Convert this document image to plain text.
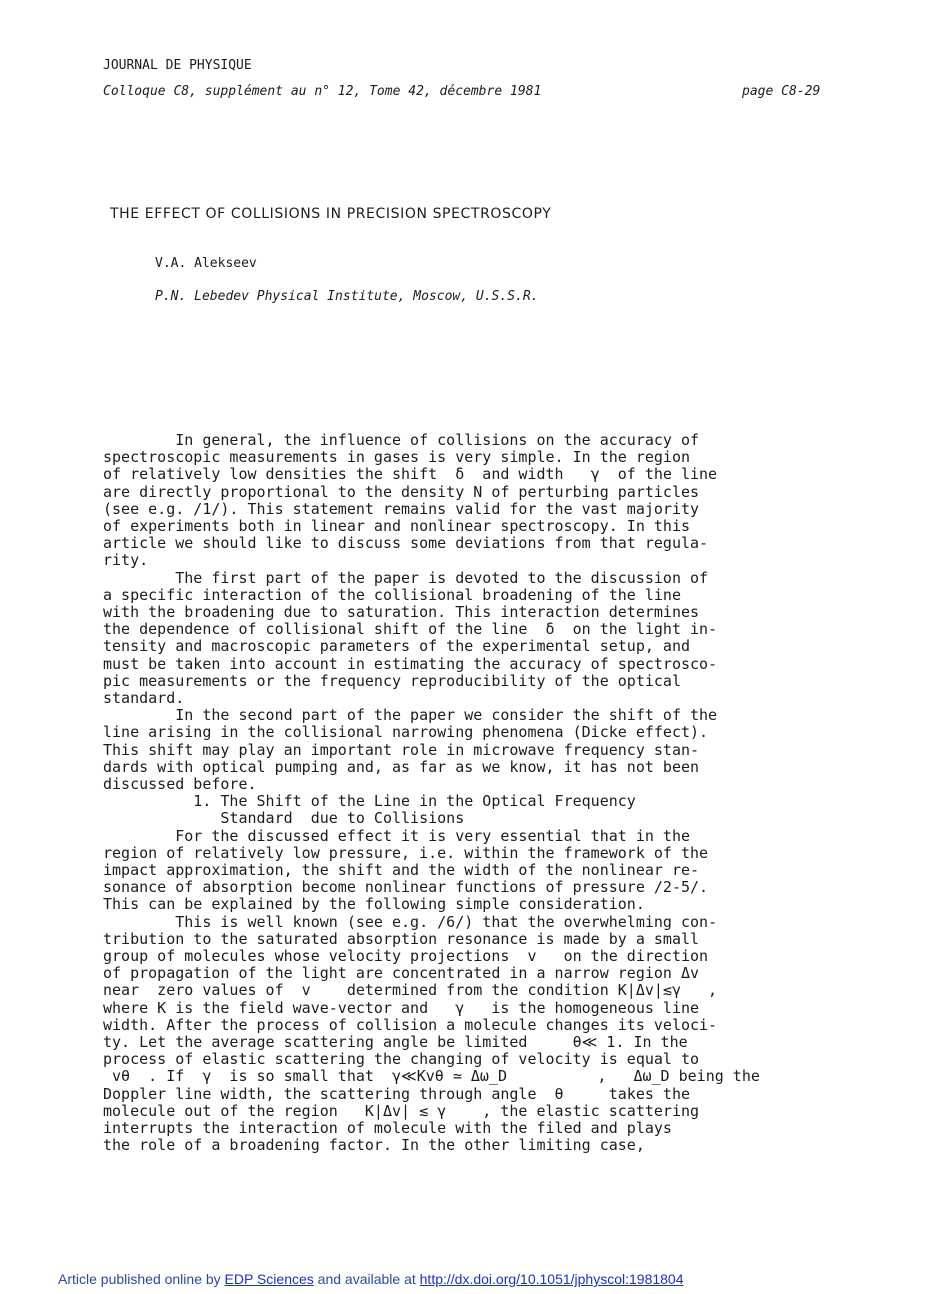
JOURNAL DE PHYSIQUE
Colloque C8, supplément au n° 12, Tome 42, décembre 1981	page C8-29
THE EFFECT OF COLLISIONS IN PRECISION SPECTROSCOPY
V.A. Alekseev
P.N. Lebedev Physical Institute, Moscow, U.S.S.R.
In general, the influence of collisions on the accuracy of
spectroscopic measurements in gases is very simple. In the region
of relatively low densities the shift  δ  and width   γ  of the line
are directly proportional to the density N of perturbing particles
(see e.g. /1/). This statement remains valid for the vast majority
of experiments both in linear and nonlinear spectroscopy. In this
article we should like to discuss some deviations from that regula-
rity.
The first part of the paper is devoted to the discussion of
a specific interaction of the collisional broadening of the line
with the broadening due to saturation. This interaction determines
the dependence of collisional shift of the line  δ  on the light in-
tensity and macroscopic parameters of the experimental setup, and
must be taken into account in estimating the accuracy of spectrosco-
pic measurements or the frequency reproducibility of the optical
standard.
In the second part of the paper we consider the shift of the
line arising in the collisional narrowing phenomena (Dicke effect).
This shift may play an important role in microwave frequency stan-
dards with optical pumping and, as far as we know, it has not been
discussed before.
1. The Shift of the Line in the Optical Frequency
Standard  due to Collisions
For the discussed effect it is very essential that in the
region of relatively low pressure, i.e. within the framework of the
impact approximation, the shift and the width of the nonlinear re-
sonance of absorption become nonlinear functions of pressure /2-5/.
This can be explained by the following simple consideration.
This is well known (see e.g. /6/) that the overwhelming con-
tribution to the saturated absorption resonance is made by a small
group of molecules whose velocity projections  v   on the direction
of propagation of the light are concentrated in a narrow region Δv
near  zero values of  v    determined from the condition K|Δv|≲γ   ,
where K is the field wave-vector and   γ   is the homogeneous line
width. After the process of collision a molecule changes its veloci-
ty. Let the average scattering angle be limited     θ≪ 1. In the
process of elastic scattering the changing of velocity is equal to
vθ  . If  γ  is so small that  γ≪Kvθ ≃ Δω_D          ,   Δω_D being the
Doppler line width, the scattering through angle  θ     takes the
molecule out of the region   K|Δv| ≲ γ    , the elastic scattering
interrupts the interaction of molecule with the filed and plays
the role of a broadening factor. In the other limiting case,
Article published online by EDP Sciences and available at http://dx.doi.org/10.1051/jphyscol:1981804
